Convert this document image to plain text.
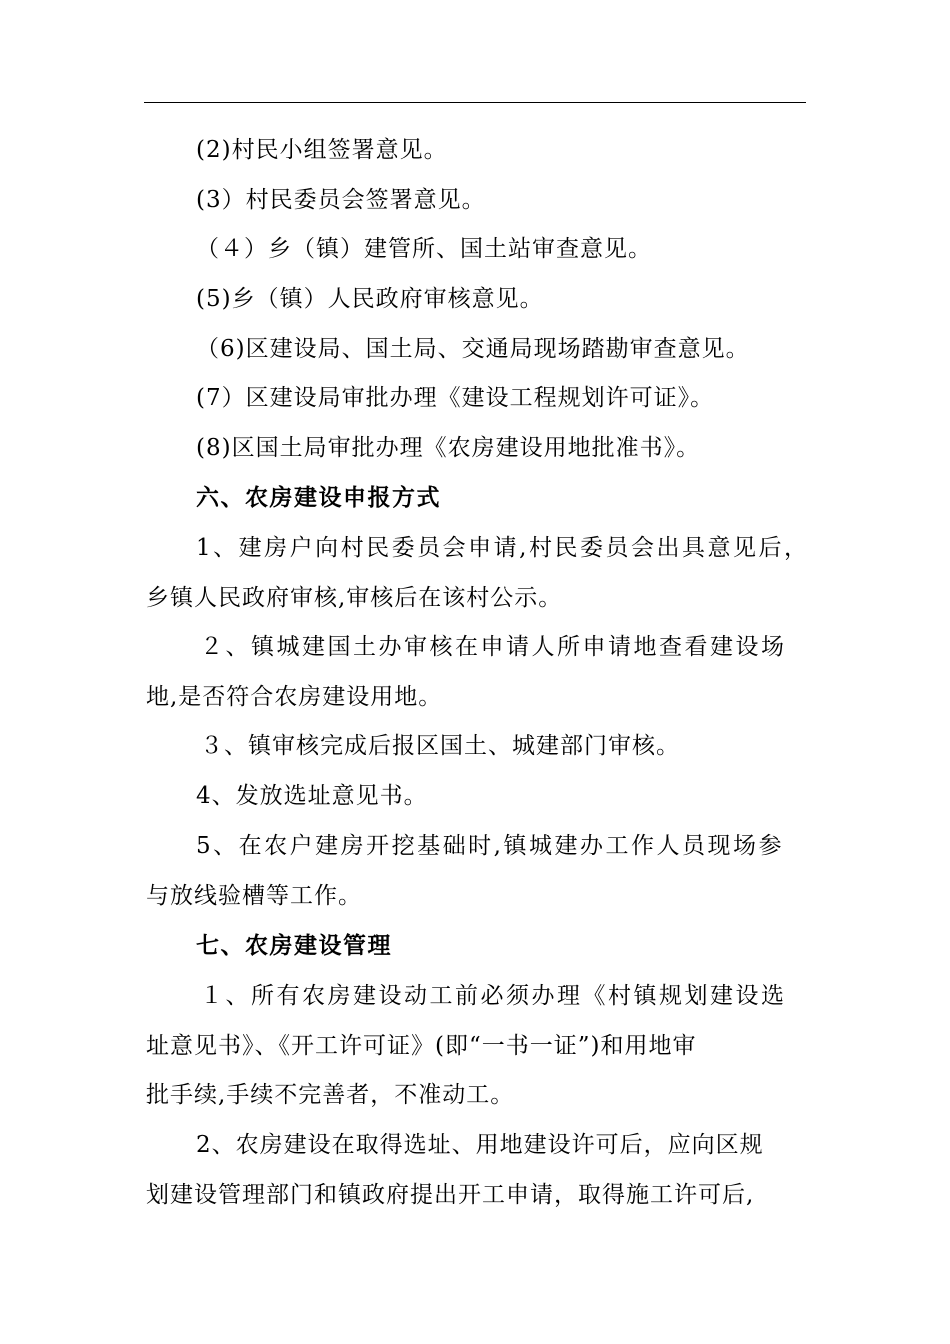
(2)村民小组签署意见。
(3）村民委员会签署意见。
（４）乡（镇）建管所、国土站审查意见。
(5)乡（镇）人民政府审核意见。
（6)区建设局、国土局、交通局现场踏勘审查意见。
(7）区建设局审批办理《建设工程规划许可证》。
(8)区国土局审批办理《农房建设用地批准书》。
六、农房建设申报方式
1、建房户向村民委员会申请,村民委员会出具意见后，
乡镇人民政府审核,审核后在该村公示。
２、镇城建国土办审核在申请人所申请地查看建设场
地,是否符合农房建设用地。
３、镇审核完成后报区国土、城建部门审核。
4、发放选址意见书。
5、在农户建房开挖基础时,镇城建办工作人员现场参
与放线验槽等工作。
七、农房建设管理
１、所有农房建设动工前必须办理《村镇规划建设选
址意见书》、《开工许可证》(即“一书一证”)和用地审
批手续,手续不完善者，不准动工。
2、农房建设在取得选址、用地建设许可后，应向区规
划建设管理部门和镇政府提出开工申请，取得施工许可后,
